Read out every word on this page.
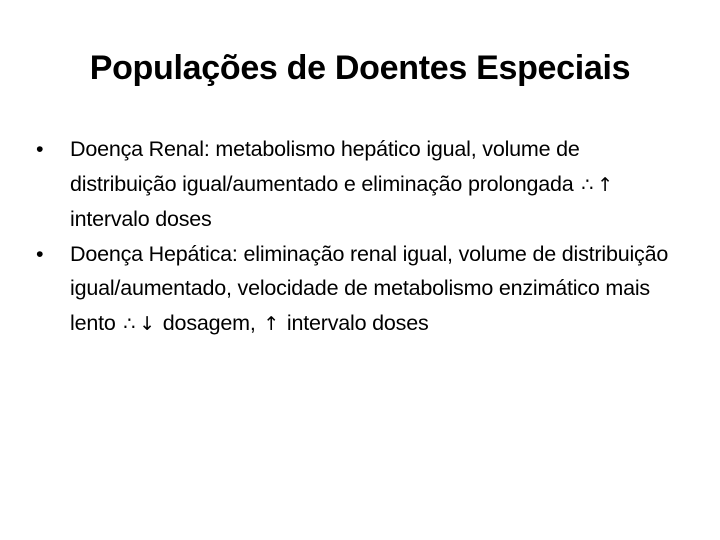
Populações de Doentes Especiais
•	Doença Renal: metabolismo hepático igual, volume de distribuição igual/aumentado e eliminação prolongada ∴ ↑ intervalo doses
•	Doença Hepática: eliminação renal igual, volume de distribuição igual/aumentado, velocidade de metabolismo enzimático mais lento ∴ ↓ dosagem, ↑ intervalo doses
